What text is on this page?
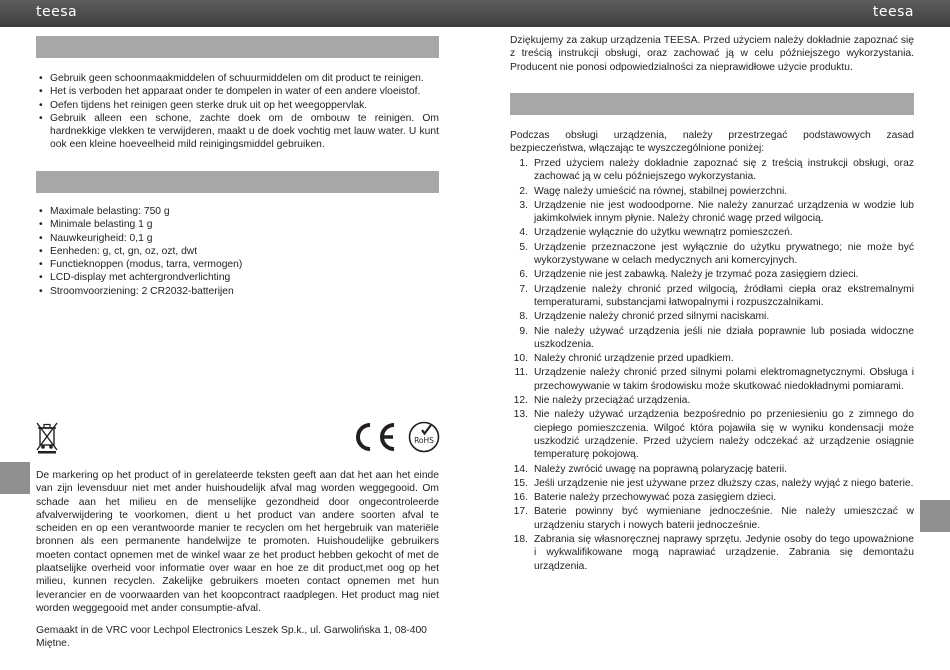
teesa	teesa
• Gebruik geen schoonmaakmiddelen of schuurmiddelen om dit product te reinigen.
• Het is verboden het apparaat onder te dompelen in water of een andere vloeistof.
• Oefen tijdens het reinigen geen sterke druk uit op het weegoppervlak.
• Gebruik alleen een schone, zachte doek om de ombouw te reinigen. Om hardnekkige vlekken te verwijderen, maakt u de doek vochtig met lauw water. U kunt ook een kleine hoeveelheid mild reinigingsmiddel gebruiken.
• Maximale belasting: 750 g
• Minimale belasting 1 g
• Nauwkeurigheid: 0,1 g
• Eenheden: g, ct, gn, oz, ozt, dwt
• Functieknoppen (modus, tarra, vermogen)
• LCD-display met achtergrondverlichting
• Stroomvoorziening: 2 CR2032-batterijen
RoHS

De markering op het product of in gerelateerde teksten geeft aan dat het aan het einde van zijn levensduur niet met ander huishoudelijk afval mag worden weggegooid. Om schade aan het milieu en de menselijke gezondheid door ongecontroleerde afvalverwijdering te voorkomen, dient u het product van andere soorten afval te scheiden en op een verantwoorde manier te recyclen om het hergebruik van materiële bronnen als een permanente handelwijze te promoten. Huishoudelijke gebruikers moeten contact opnemen met de winkel waar ze het product hebben gekocht of met de plaatselijke overheid voor informatie over waar en hoe ze dit product,met oog op het milieu, kunnen recyclen. Zakelijke gebruikers moeten contact opnemen met hun leverancier en de voorwaarden van het koopcontract raadplegen. Het product mag niet worden weggegooid met ander consumptie-afval.

Gemaakt in de VRC voor Lechpol Electronics Leszek Sp.k., ul. Garwolińska 1, 08-400 Miętne.

Dziękujemy za zakup urządzenia TEESA. Przed użyciem należy dokładnie zapoznać się z treścią instrukcji obsługi, oraz zachować ją w celu późniejszego wykorzystania. Producent nie ponosi odpowiedzialności za nieprawidłowe użycie produktu.

Podczas obsługi urządzenia, należy przestrzegać podstawowych zasad bezpieczeństwa, włączając te wyszczególnione poniżej:

1. Przed użyciem należy dokładnie zapoznać się z treścią instrukcji obsługi, oraz zachować ją w celu późniejszego wykorzystania.
2. Wagę należy umieścić na równej, stabilnej powierzchni.
3. Urządzenie nie jest wodoodporne. Nie należy zanurzać urządzenia w wodzie lub jakimkolwiek innym płynie. Należy chronić wagę przed wilgocią.
4. Urządzenie wyłącznie do użytku wewnątrz pomieszczeń.
5. Urządzenie przeznaczone jest wyłącznie do użytku prywatnego; nie może być wykorzystywane w celach medycznych ani komercyjnych.
6. Urządzenie nie jest zabawką. Należy je trzymać poza zasięgiem dzieci.
7. Urządzenie należy chronić przed wilgocią, źródłami ciepła oraz ekstremalnymi temperaturami, substancjami łatwopalnymi i rozpuszczalnikami.
8. Urządzenie należy chronić przed silnymi naciskami.
9. Nie należy używać urządzenia jeśli nie działa poprawnie lub posiada widoczne uszkodzenia.
10. Należy chronić urządzenie przed upadkiem.
11. Urządzenie należy chronić przed silnymi polami elektromagnetycznymi. Obsługa i przechowywanie w takim środowisku może skutkować niedokładnymi pomiarami.
12. Nie należy przeciążać urządzenia.
13. Nie należy używać urządzenia bezpośrednio po przeniesieniu go z zimnego do ciepłego pomieszczenia. Wilgoć która pojawiła się w wyniku kondensacji może uszkodzić urządzenie. Przed użyciem należy odczekać aż urządzenie osiągnie temperaturę pokojową.
14. Należy zwrócić uwagę na poprawną polaryzację baterii.
15. Jeśli urządzenie nie jest używane przez dłuższy czas, należy wyjąć z niego baterie.
16. Baterie należy przechowywać poza zasięgiem dzieci.
17. Baterie powinny być wymieniane jednocześnie. Nie należy umieszczać w urządzeniu starych i nowych baterii jednocześnie.
18. Zabrania się własnoręcznej naprawy sprzętu. Jedynie osoby do tego upoważnione i wykwalifikowane mogą naprawiać urządzenie. Zabrania się demontażu urządzenia.
